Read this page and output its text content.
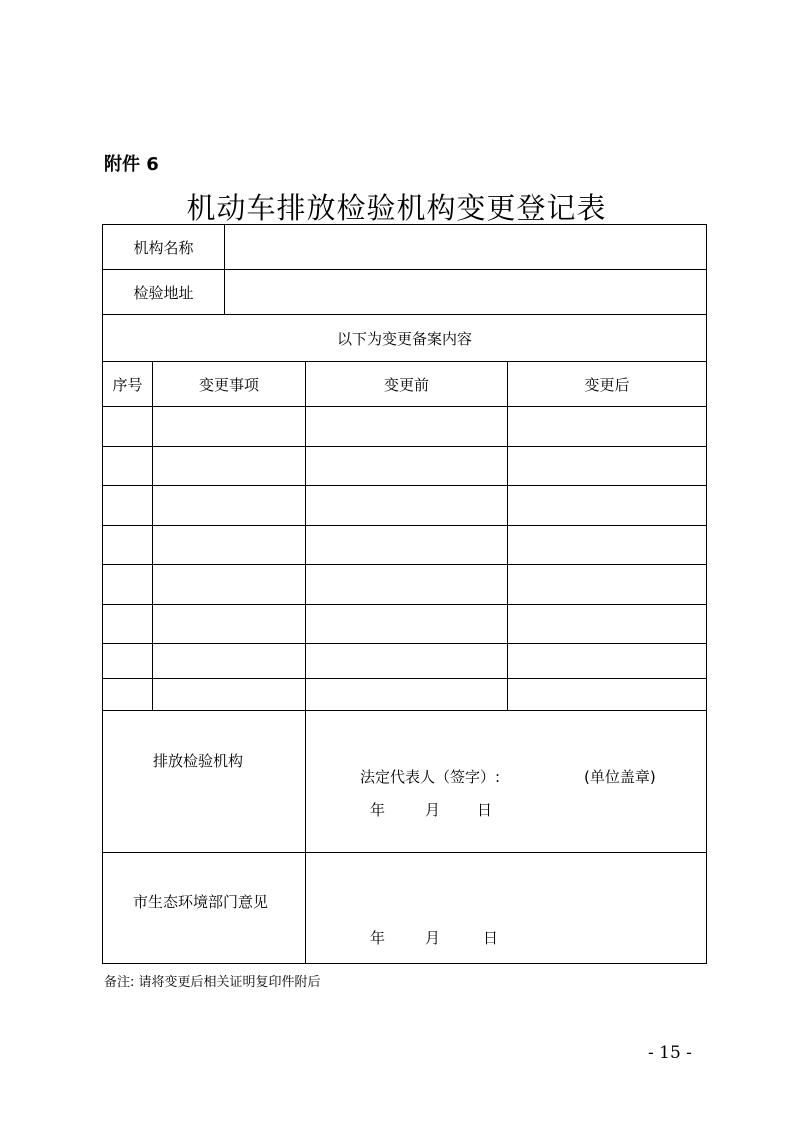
附件 6
机动车排放检验机构变更登记表
机构名称
检验地址
以下为变更备案内容
序号	变更事项	变更前	变更后
排放检验机构
法定代表人（签字）:	(单位盖章)
年	月 日
市生态环境部门意见
年	月	日
备注: 请将变更后相关证明复印件附后
- 15 -
